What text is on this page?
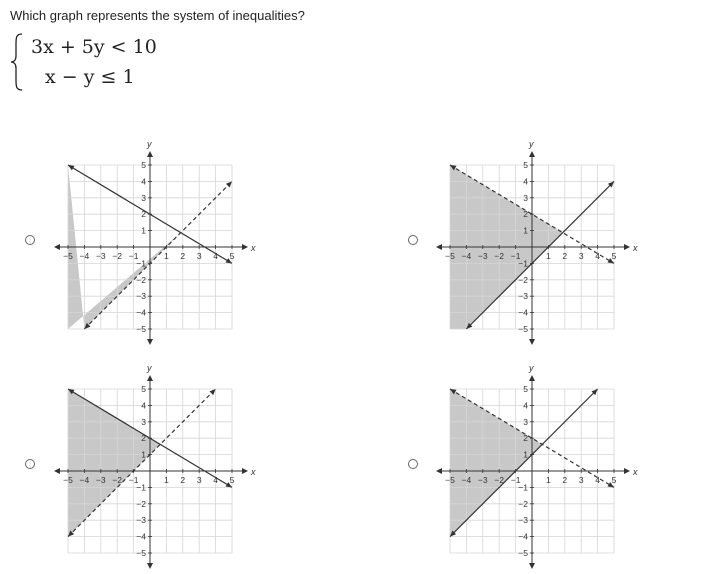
Which graph represents the system of inequalities?
3x + 5y < 10
x − y ≤ 1
x
y
−5 −4 −3 −2 −1	1 2 3 4 5
5
4
3
2
1
−1
−2
−3
−4
−5
x
y
−5 −4 −3 −2 −1	1 2 3 4 5
5
4
3
2
1
−1
−2
−3
−4
−5
x
y
−5 −4 −3 −2 −1	1 2 3 4 5
5
4
3
2
1
−1
−2
−3
−4
−5
x
y
−5 −4 −3 −2 −1	1 2 3 4 5
5
4
3
2
1
−1
−2
−3
−4
−5
